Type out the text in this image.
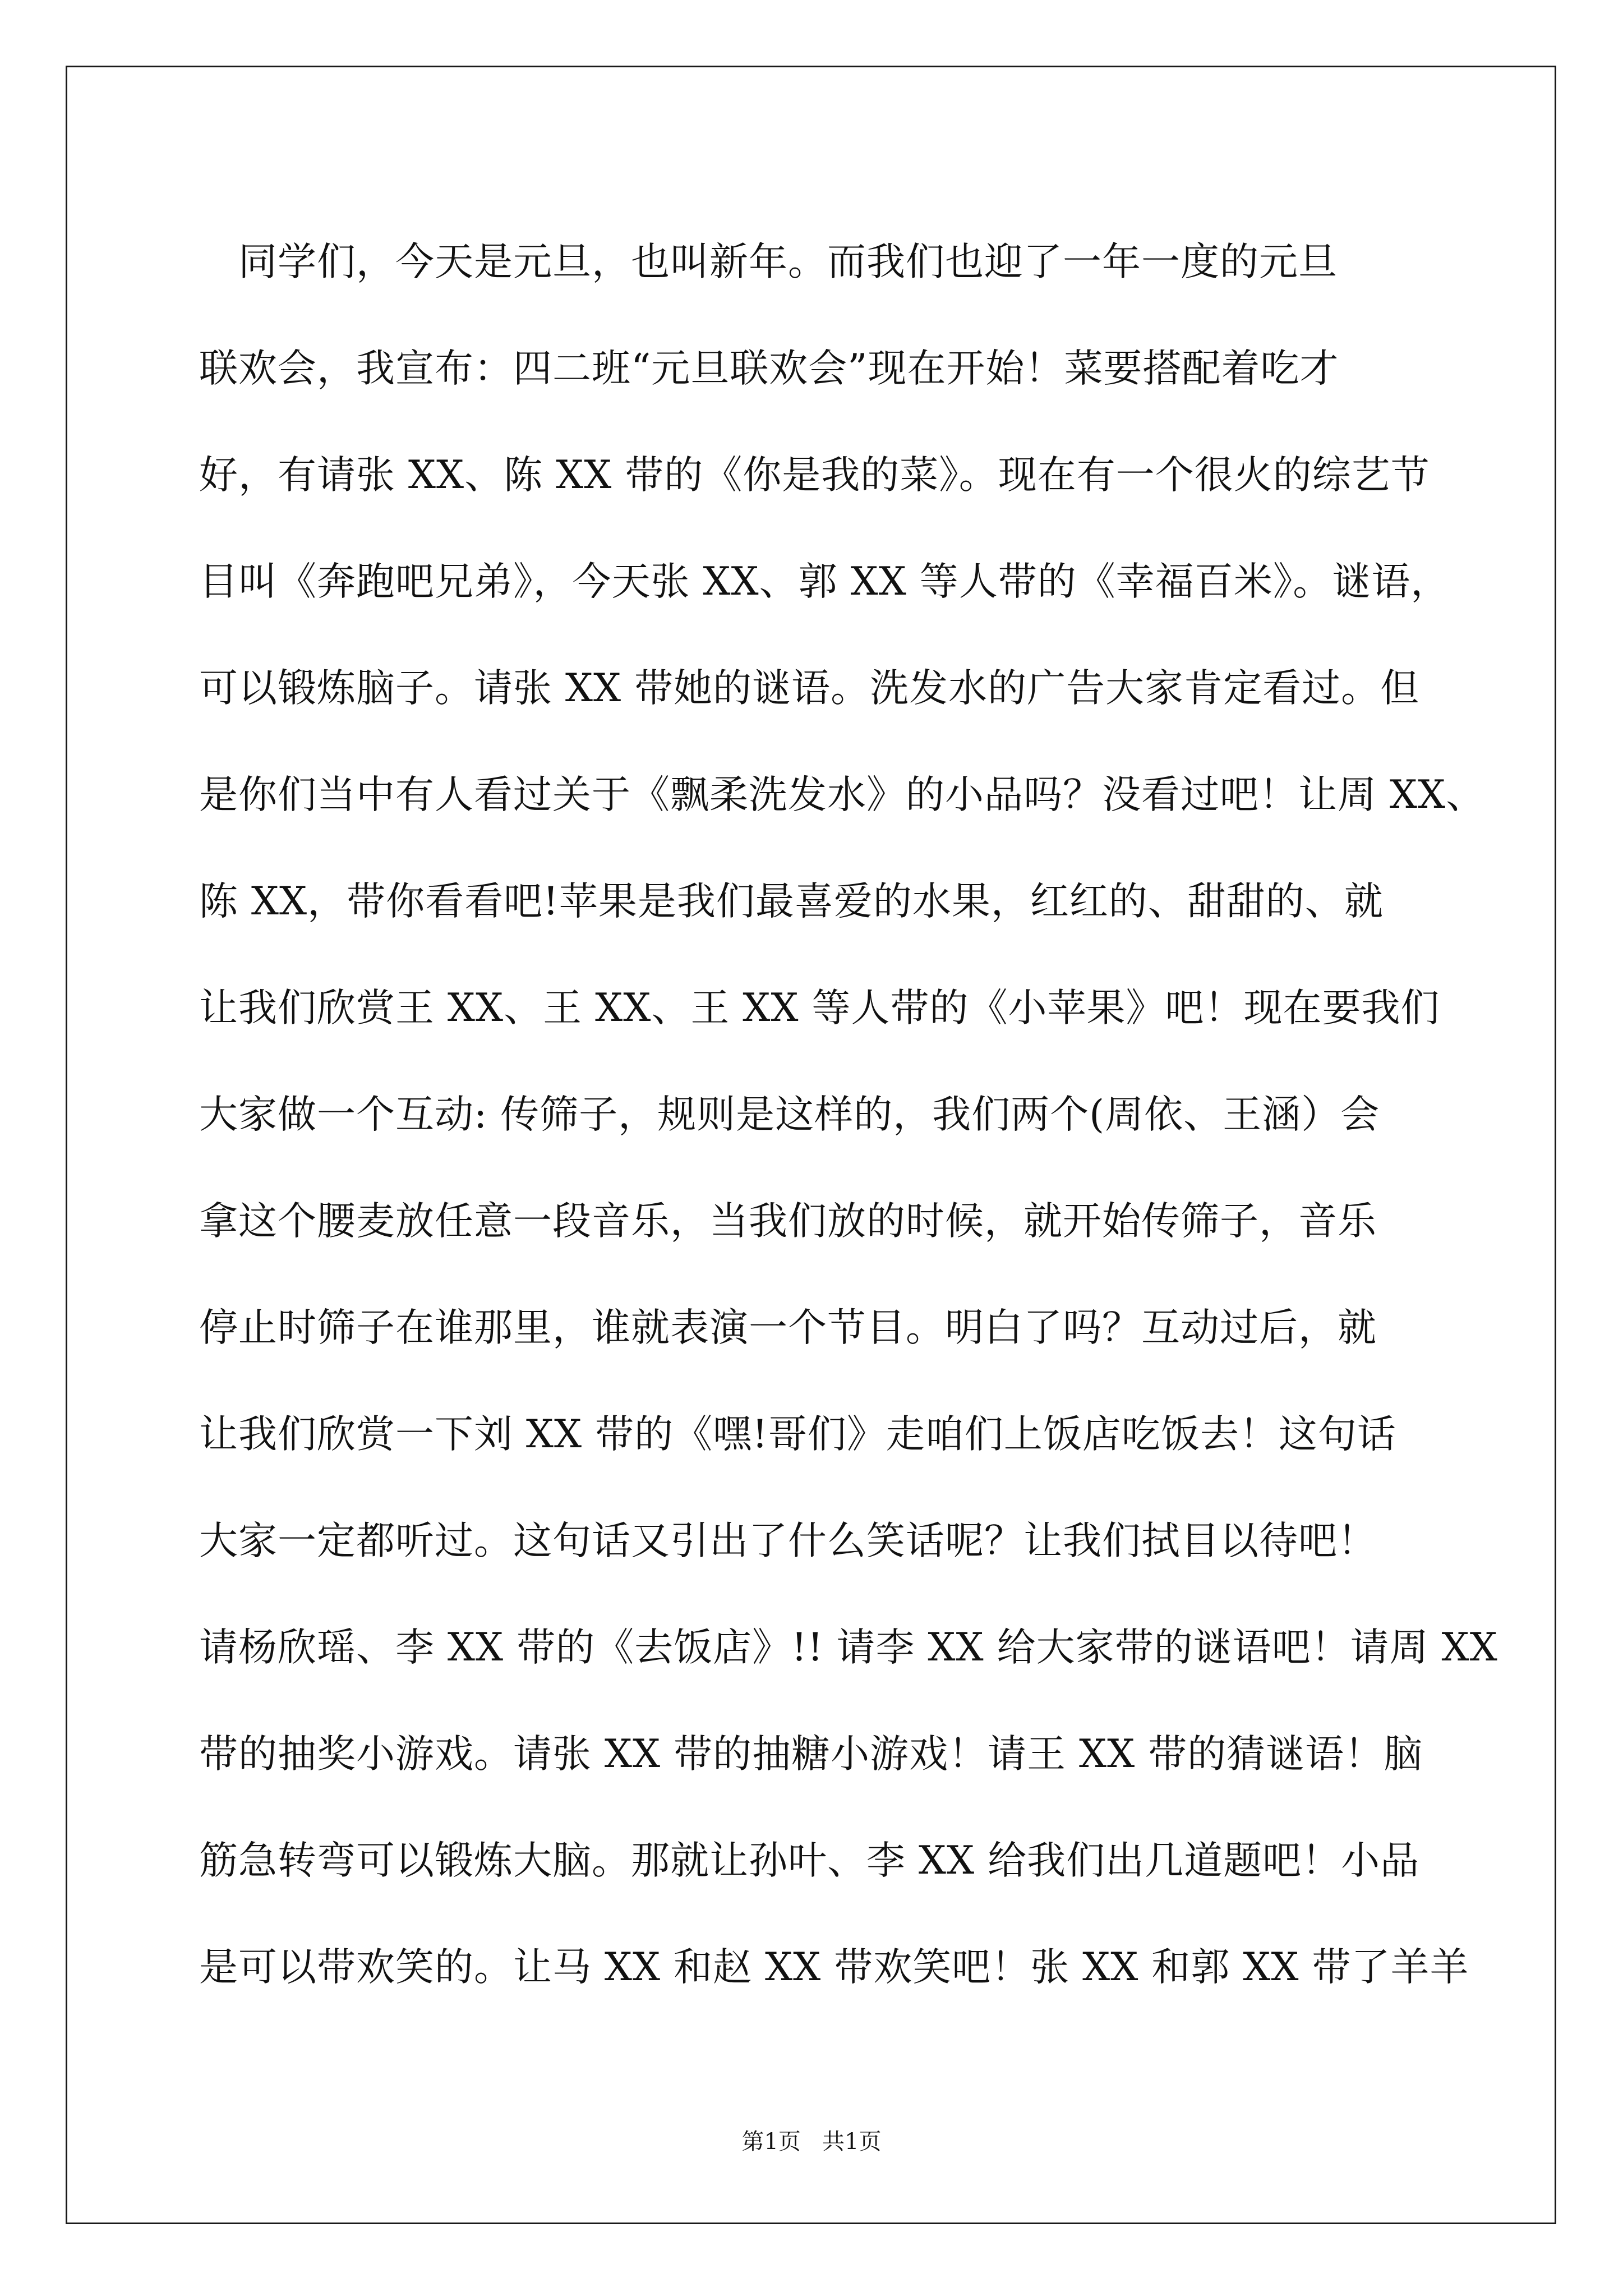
同学们，今天是元旦，也叫新年。而我们也迎了一年一度的元旦
联欢会，我宣布：四二班“元旦联欢会”现在开始！菜要搭配着吃才
好，有请张 XX、陈 XX 带的《你是我的菜》。现在有一个很火的综艺节
目叫《奔跑吧兄弟》，今天张 XX、郭 XX 等人带的《幸福百米》。谜语，
可以锻炼脑子。请张 XX 带她的谜语。洗发水的广告大家肯定看过。但
是你们当中有人看过关于《飘柔洗发水》的小品吗？没看过吧！让周 XX、
陈 XX，带你看看吧!苹果是我们最喜爱的水果，红红的、甜甜的、就
让我们欣赏王 XX、王 XX、王 XX 等人带的《小苹果》吧！现在要我们
大家做一个互动: 传筛子，规则是这样的，我们两个(周依、王涵）会
拿这个腰麦放任意一段音乐，当我们放的时候，就开始传筛子，音乐
停止时筛子在谁那里，谁就表演一个节目。明白了吗？互动过后，就
让我们欣赏一下刘 XX 带的《嘿!哥们》走咱们上饭店吃饭去！这句话
大家一定都听过。这句话又引出了什么笑话呢？让我们拭目以待吧！
请杨欣瑶、李 XX 带的《去饭店》!! 请李 XX 给大家带的谜语吧！请周 XX
带的抽奖小游戏。请张 XX 带的抽糖小游戏！请王 XX 带的猜谜语！脑
筋急转弯可以锻炼大脑。那就让孙叶、李 XX 给我们出几道题吧！小品
是可以带欢笑的。让马 XX 和赵 XX 带欢笑吧！张 XX 和郭 XX 带了羊羊
第1页   共1页
